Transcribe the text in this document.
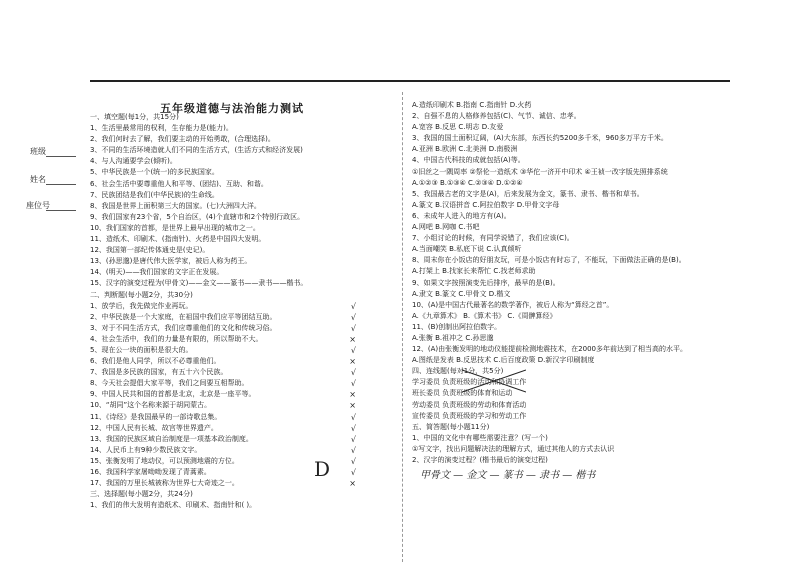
班级
姓名
座位号
五年级道德与法治能力测试
一、填空题(每1分，共15分)
1、生活里最常用的权利，生存能力是(能力)。
2、我们何时去了解，我们要主动的开始勇敢，(合理选择)。
3、不同的生活环境造就人们不同的生活方式，(生活方式和经济发展)
4、与人沟通要学会(倾听)。
5、中华民族是一个(统一)的多民族国家。
6、社会生活中要尊重他人和平等、(团结)、互助、和谐。
7、民族团结是我们(中华民族)的生命线。
8、我国是世界上面积第三大的国家。(七)大洲四大洋。
9、我们国家有23个省，5个自治区，(4)个直辖市和2个特别行政区。
10、我们国家的首都，是世界上最早出现的城市之一。
11、造纸术、印刷术、(指南针)、火药是中国四大发明。
12、我国第一部纪传体通史是(史记)。
13、(孙思邈)是唐代伟大医学家，被后人称为药王。
14、(明天)——我们国家的文字正在发展。
15、汉字的演变过程为(甲骨文)——金文——篆书——隶书——楷书。
二、判断题(每小题2分，共30分)
1、放学后，我先做完作业再玩。	√
2、中华民族是一个大家庭，在祖国中我们应平等团结互助。	√
3、对于不同生活方式，我们应尊重他们的文化和传统习俗。	√
4、社会生活中，我们的力量是有限的，所以帮助不大。	×
5、现在公一块的面积是很大的。	√
6、我们是他人同学，所以不必尊重他们。	×
7、我国是多民族的国家，有五十六个民族。	√
8、今天社会提倡大家平等，我们之间要互相帮助。	√
9、中国人民共和国的首都是北京，北京是一座平等。	×
10、“胡同”这个名称来源于胡同蒙古。	×
11、《诗经》是我国最早的一部诗歌总集。	√
12、中国人民有长城、故宫等世界遗产。	√
13、我国的民族区域自治制度是一项基本政治制度。	√
14、人民币上有9种少数民族文字。	√
15、张衡发明了地动仪，可以预测地震的方位。	√
16、我国科学家屠呦呦发现了青蒿素。	√
17、我国的万里长城被称为世界七大奇迹之一。	×
三、选择题(每小题2分，共24分)
1、我们的伟大发明有造纸术、印刷术、指南针和( )。
D
A.造纸印刷术 B.指南 C.指南针 D.火药
2、自强不息的人格修养包括(C)、气节、诚信、忠孝。
A.宽容 B.反思 C.明志 D.友爱
3、我国的国土面积辽阔，(A)大东部，东西长约5200多千米，960多万平方千米。
A.亚洲 B.欧洲 C.北美洲 D.南极洲
4、中国古代科技的成就包括(A)等。
①旧丝之一隅周率 ②祭伦一造纸术 ③华佗一济开中印术 ④王祯一改字版先照排系统
A.①②③ B.①③④ C.②③④ D.①②④
5、我国最古老的文字是(A)，后来发展为金文，篆书、隶书、楷书和草书。
A.篆文 B.汉语拼音 C.阿拉伯数字 D.甲骨文字母
6、未成年人进入的地方有(A)。
A.网吧 B.网咖 C.书吧
7、小组讨论的时候，有同学说错了，我们应该(C)。
A.当面嘲笑 B.私底下说 C.认真倾听
8、周末你在小饭店的好朋友玩，可是小饭店有时忘了，不能玩，下面做法正确的是(B)。
A.打架上 B.找家长来帮忙 C.找老师求助
9、如果文字按照演变先后排序，最早的是(B)。
A.隶文 B.篆文 C.甲骨文 D.楷文
10、(A)是中国古代最著名的数学著作，被后人称为“算经之首”。
A.《九章算术》 B.《算术书》 C.《周髀算经》
11、(B)创制出阿拉伯数字。
A.张衡 B.祖冲之 C.孙思邈
12、(A)由张衡发明的地动仪能提前检测地震技术，在2000多年前达到了相当高的水平。
A.图纸是发表 B.反思技术 C.后百度政策 D.新汉字印刷制度
四、连线题(每对1分，共5分)
学习委员 负责班级的活动和协调工作
班长委员 负责班级的体育和运动
劳动委员 负责班级的劳动和体育活动
宣传委员 负责班级的学习和劳动工作
五、简答题(每小题11分)
1、中国的文化中有哪些需要注意？(写一个)
①写文字，找出问题解决法的理解方式，通过其他人的方式去认识
2、汉字的演变过程？(楷书最后的演变过程)
甲骨文 — 金文 — 篆书 — 隶书 — 楷书
